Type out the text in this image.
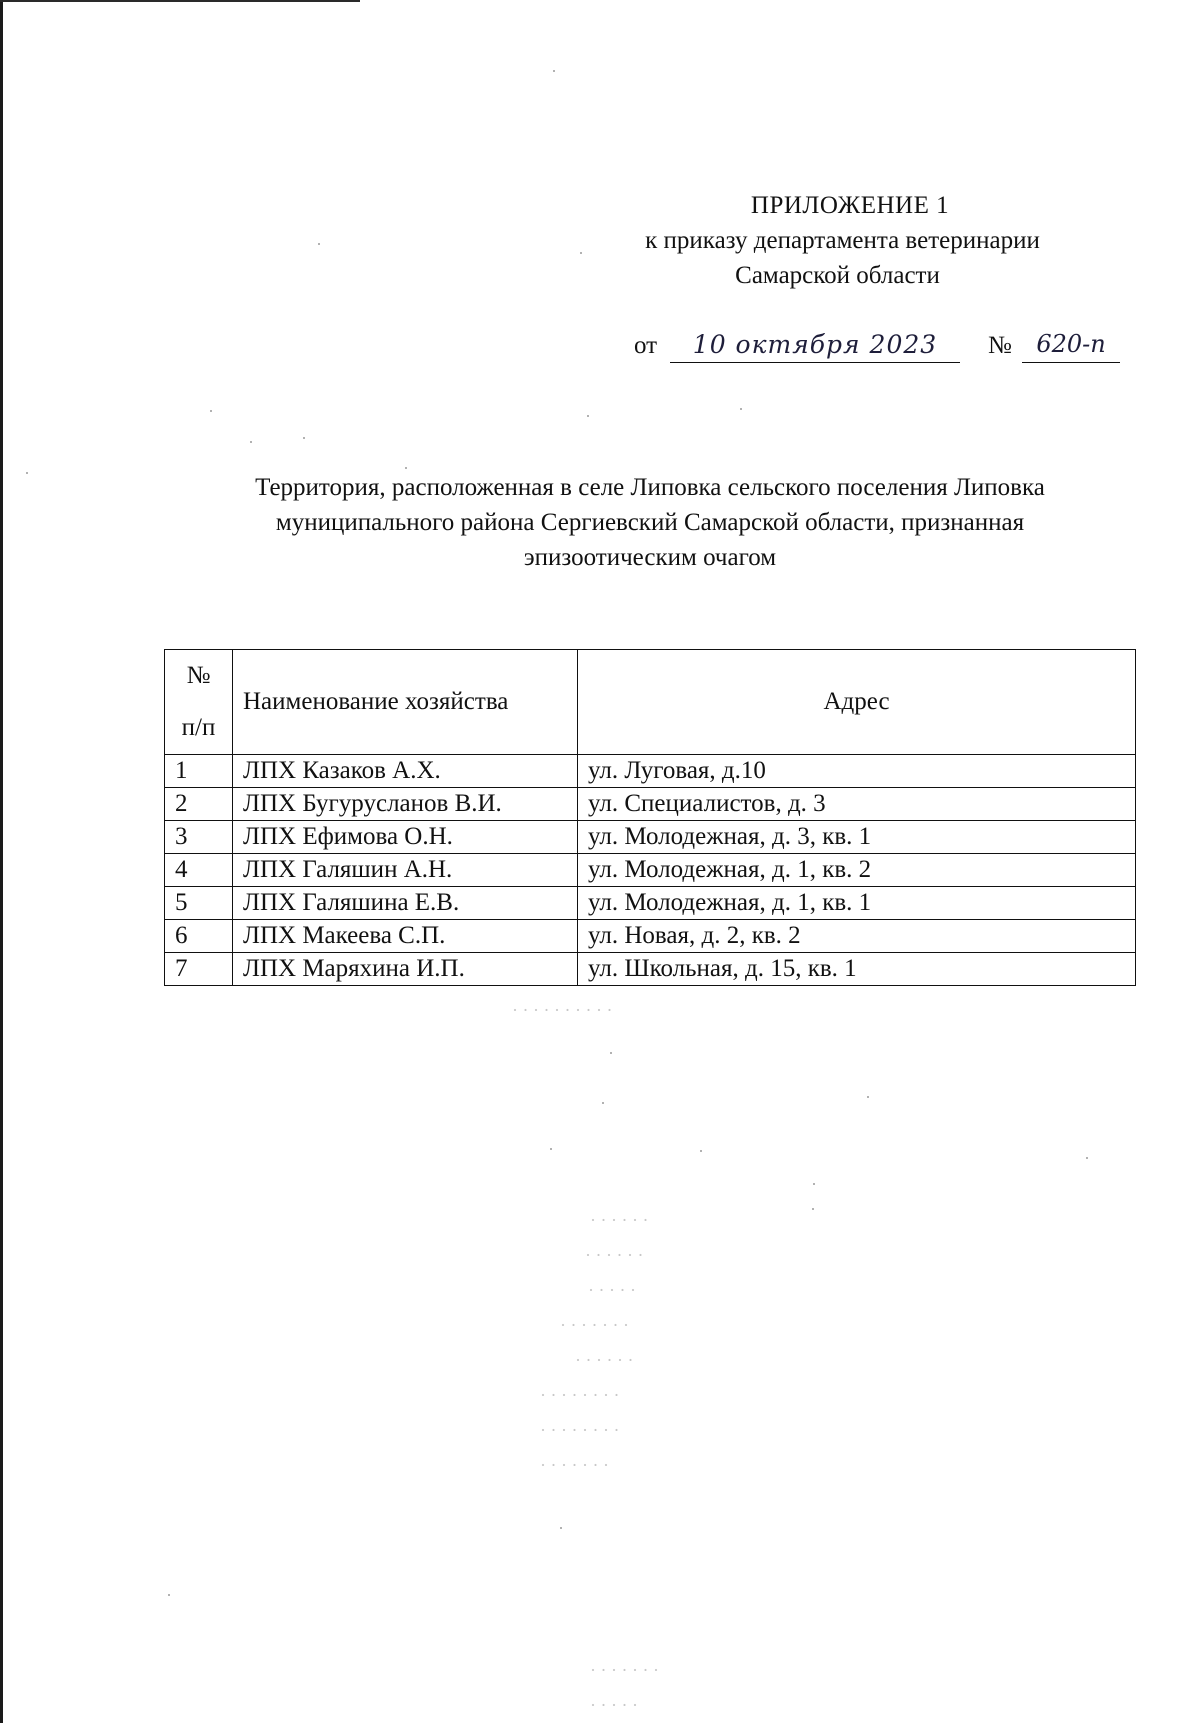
ПРИЛОЖЕНИЕ 1
к приказу департамента ветеринарии
Самарской области
от	10 октября 2023	№	620-п
Территория, расположенная в селе Липовка сельского поселения Липовка
муниципального района Сергиевский Самарской области, признанная
эпизоотическим очагом
№
п/п	Наименование хозяйства	Адрес
1	ЛПХ Казаков А.Х.	ул. Луговая, д.10
2	ЛПХ Бугурусланов В.И.	ул. Специалистов, д. 3
3	ЛПХ Ефимова О.Н.	ул. Молодежная, д. 3, кв. 1
4	ЛПХ Галяшин А.Н.	ул. Молодежная, д. 1, кв. 2
5	ЛПХ Галяшина Е.В.	ул. Молодежная, д. 1, кв. 1
6	ЛПХ Макеева С.П.	ул. Новая, д. 2, кв. 2
7	ЛПХ Маряхина И.П.	ул. Школьная, д. 15, кв. 1
· · · · · · · · · ·
· · · · · ·
· · · · · ·
· · · · ·
· · · · · · ·
· · · · · ·
· · · · · · · ·
· · · · · · · ·
· · · · · · ·
· · · · · · ·
· · · · ·
